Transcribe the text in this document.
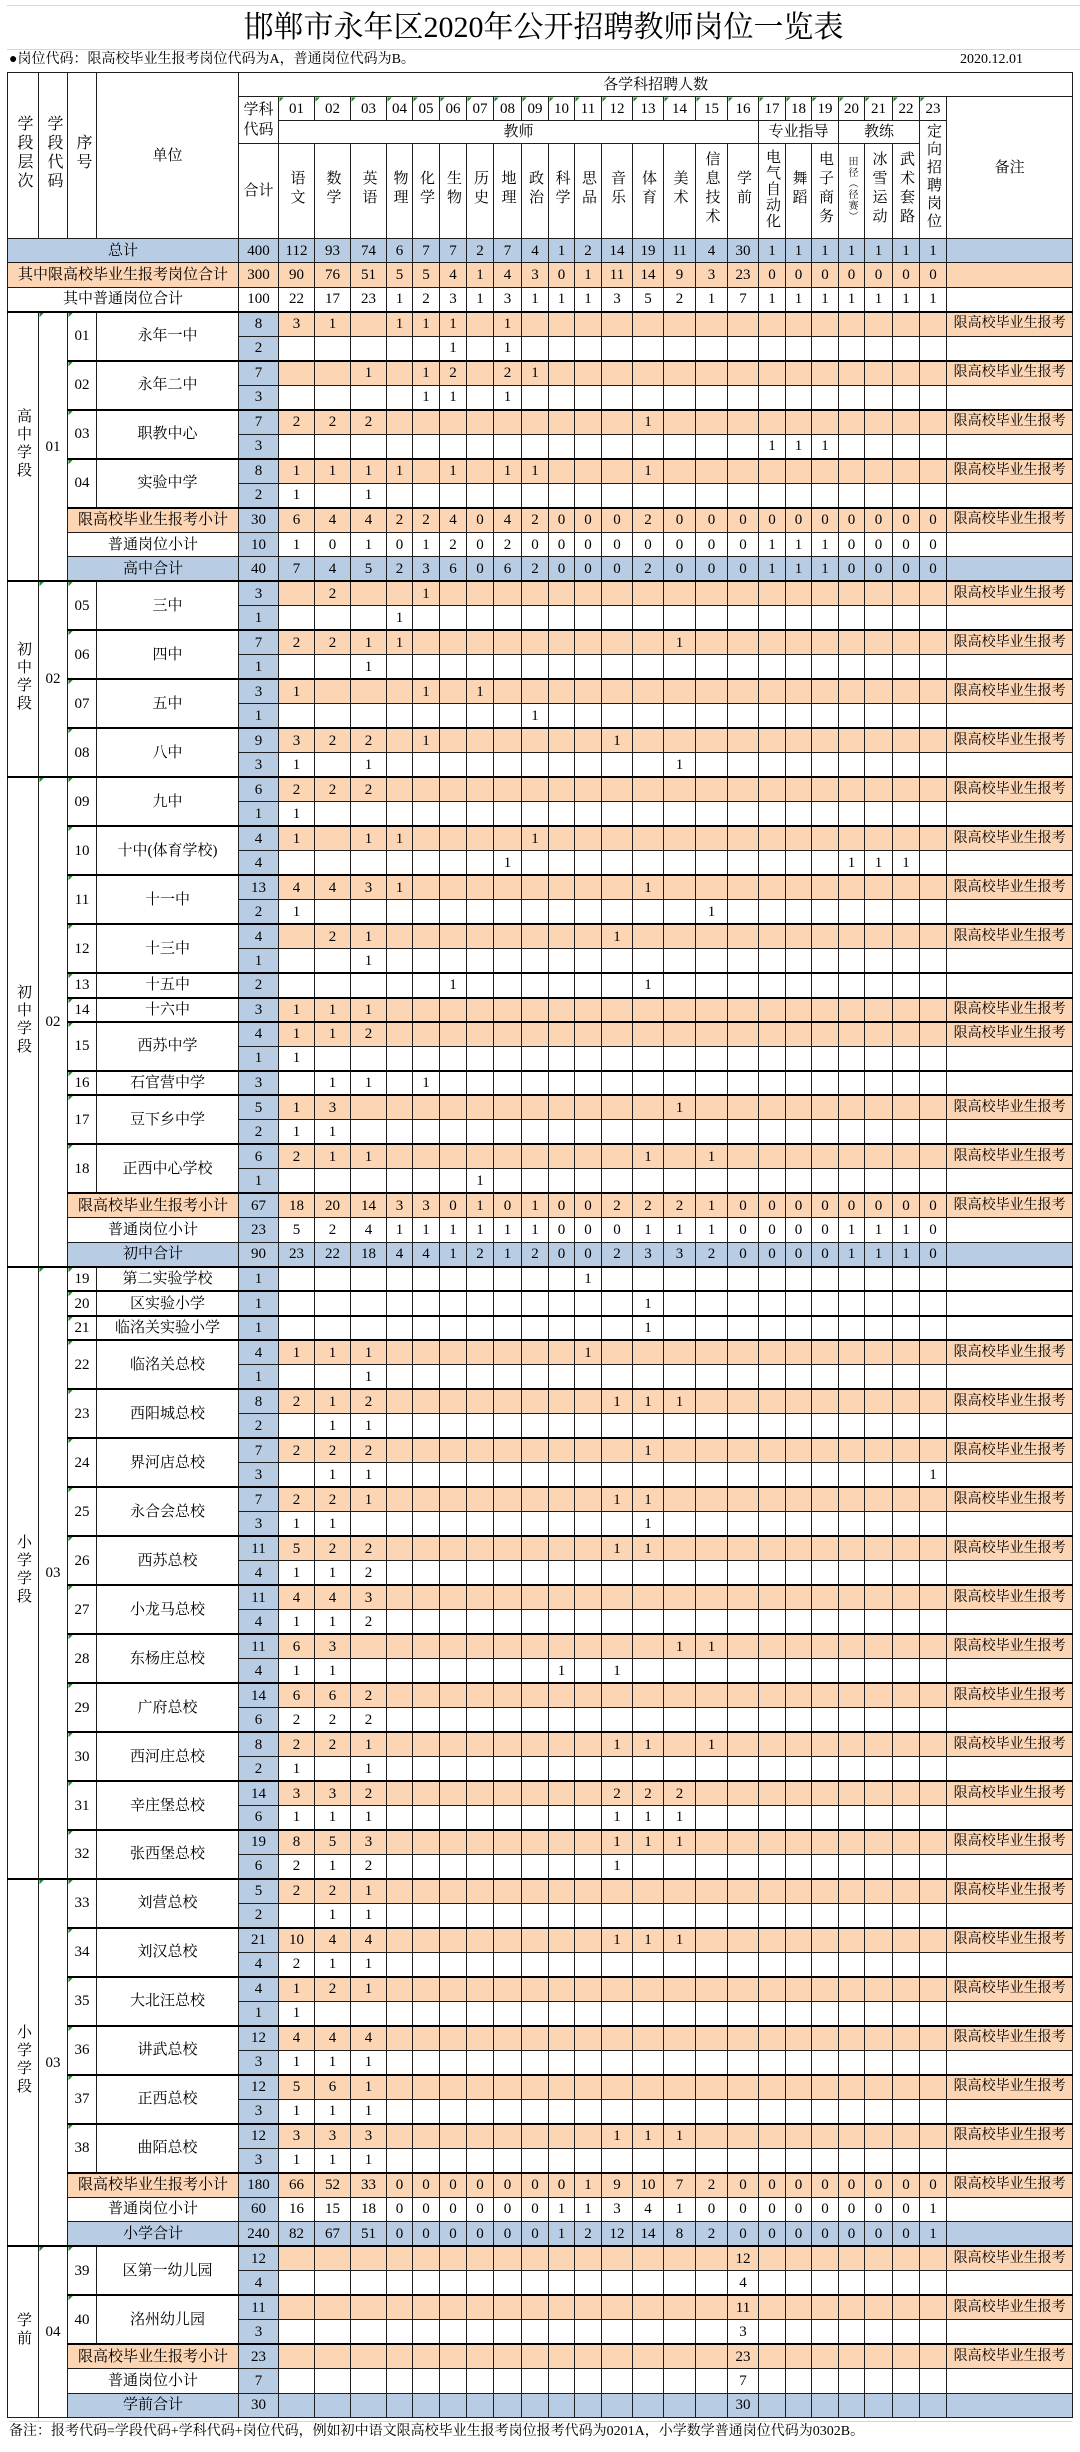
邯郸市永年区2020年公开招聘教师岗位一览表
●岗位代码：限高校毕业生报考岗位代码为A，普通岗位代码为B。	2020.12.01
学段层次	学段代码	序号	单位	各学科招聘人数																								
				学科代码	01	02	03	04	05	06	07	08	09	10	11	12	13	14	15	16	17	18	19	20	21	22	23	备注
					教师																专业指导			教练			定向招聘岗位	
				合计	语文	数学	英语	物理	化学	生物	历史	地理	政治	科学	思品	音乐	体育	美术	信息技术	学前	电气自动化	舞蹈	电子商务	田径（径赛）	冰雪运动	武术套路		
总计				400	112	93	74	6	7	7	2	7	4	1	2	14	19	11	4	30	1	1	1	1	1	1	1	
其中限高校毕业生报考岗位合计				300	90	76	51	5	5	4	1	4	3	0	1	11	14	9	3	23	0	0	0	0	0	0	0	
其中普通岗位合计				100	22	17	23	1	2	3	1	3	1	1	1	3	5	2	1	7	1	1	1	1	1	1	1	
高中学段	01	01	永年一中	8	3	1		1	1	1		1																限高校毕业生报考
				2						1		1																
		02	永年二中	7			1		1	2		2	1															限高校毕业生报考
				3					1	1		1																
		03	职教中心	7	2	2	2										1											限高校毕业生报考
				3																	1	1	1					
		04	实验中学	8	1	1	1	1		1		1	1				1											限高校毕业生报考
				2	1		1																					
		限高校毕业生报考小计		30	6	4	4	2	2	4	0	4	2	0	0	0	2	0	0	0	0	0	0	0	0	0	0	限高校毕业生报考
		普通岗位小计		10	1	0	1	0	1	2	0	2	0	0	0	0	0	0	0	0	1	1	1	0	0	0	0	
		高中合计		40	7	4	5	2	3	6	0	6	2	0	0	0	2	0	0	0	1	1	1	0	0	0	0	
初中学段	02	05	三中	3		2			1																			限高校毕业生报考
				1				1																				
		06	四中	7	2	2	1	1										1										限高校毕业生报考
				1			1																					
		07	五中	3	1				1		1																	限高校毕业生报考
				1									1															
		08	八中	9	3	2	2		1							1												限高校毕业生报考
				3	1		1											1										
初中学段	02	09	九中	6	2	2	2																					限高校毕业生报考
				1	1																							
		10	十中(体育学校)	4	1		1	1					1															限高校毕业生报考
				4								1												1	1	1		
		11	十一中	13	4	4	3	1									1											限高校毕业生报考
				2	1														1									
		12	十三中	4		2	1									1												限高校毕业生报考
				1			1																					
		13	十五中	2						1							1											
		14	十六中	3	1	1	1																					限高校毕业生报考
		15	西苏中学	4	1	1	2																					限高校毕业生报考
				1	1																							
		16	石官营中学	3		1	1		1																			
		17	豆下乡中学	5	1	3												1										限高校毕业生报考
				2	1	1																						
		18	正西中心学校	6	2	1	1										1		1									限高校毕业生报考
				1							1																	
		限高校毕业生报考小计		67	18	20	14	3	3	0	1	0	1	0	0	2	2	2	1	0	0	0	0	0	0	0	0	限高校毕业生报考
		普通岗位小计		23	5	2	4	1	1	1	1	1	1	0	0	0	1	1	1	0	0	0	0	1	1	1	0	
		初中合计		90	23	22	18	4	4	1	2	1	2	0	0	2	3	3	2	0	0	0	0	1	1	1	0	
小学学段	03	19	第二实验学校	1											1													
		20	区实验小学	1													1											
		21	临洺关实验小学	1													1											
		22	临洺关总校	4	1	1	1								1													限高校毕业生报考
				1			1																					
		23	西阳城总校	8	2	1	2									1	1	1										限高校毕业生报考
				2		1	1																					
		24	界河店总校	7	2	2	2										1											限高校毕业生报考
				3		1	1																				1	
		25	永合会总校	7	2	2	1									1	1											限高校毕业生报考
				3	1	1											1											
		26	西苏总校	11	5	2	2									1	1											限高校毕业生报考
				4	1	1	2																					
		27	小龙马总校	11	4	4	3																					限高校毕业生报考
				4	1	1	2																					
		28	东杨庄总校	11	6	3												1	1									限高校毕业生报考
				4	1	1								1		1												
		29	广府总校	14	6	6	2																					限高校毕业生报考
				6	2	2	2																					
		30	西河庄总校	8	2	2	1									1	1		1									限高校毕业生报考
				2	1		1																					
		31	辛庄堡总校	14	3	3	2									2	2	2										限高校毕业生报考
				6	1	1	1									1	1	1										
		32	张西堡总校	19	8	5	3									1	1	1										限高校毕业生报考
				6	2	1	2									1												
小学学段	03	33	刘营总校	5	2	2	1																					限高校毕业生报考
				2		1	1																					
		34	刘汉总校	21	10	4	4									1	1	1										限高校毕业生报考
				4	2	1	1																					
		35	大北汪总校	4	1	2	1																					限高校毕业生报考
				1	1																							
		36	讲武总校	12	4	4	4																					限高校毕业生报考
				3	1	1	1																					
		37	正西总校	12	5	6	1																					限高校毕业生报考
				3	1	1	1																					
		38	曲陌总校	12	3	3	3									1	1	1										限高校毕业生报考
				3	1	1	1																					
		限高校毕业生报考小计		180	66	52	33	0	0	0	0	0	0	0	1	9	10	7	2	0	0	0	0	0	0	0	0	限高校毕业生报考
		普通岗位小计		60	16	15	18	0	0	0	0	0	0	1	1	3	4	1	0	0	0	0	0	0	0	0	1	
		小学合计		240	82	67	51	0	0	0	0	0	0	1	2	12	14	8	2	0	0	0	0	0	0	0	1	
学前	04	39	区第一幼儿园	12																12								限高校毕业生报考
				4																4								
		40	洺州幼儿园	11																11								限高校毕业生报考
				3																3								
		限高校毕业生报考小计		23																23								限高校毕业生报考
		普通岗位小计		7																7								
		学前合计		30																30								
备注：报考代码=学段代码+学科代码+岗位代码，例如初中语文限高校毕业生报考岗位报考代码为0201A，小学数学普通岗位代码为0302B。
